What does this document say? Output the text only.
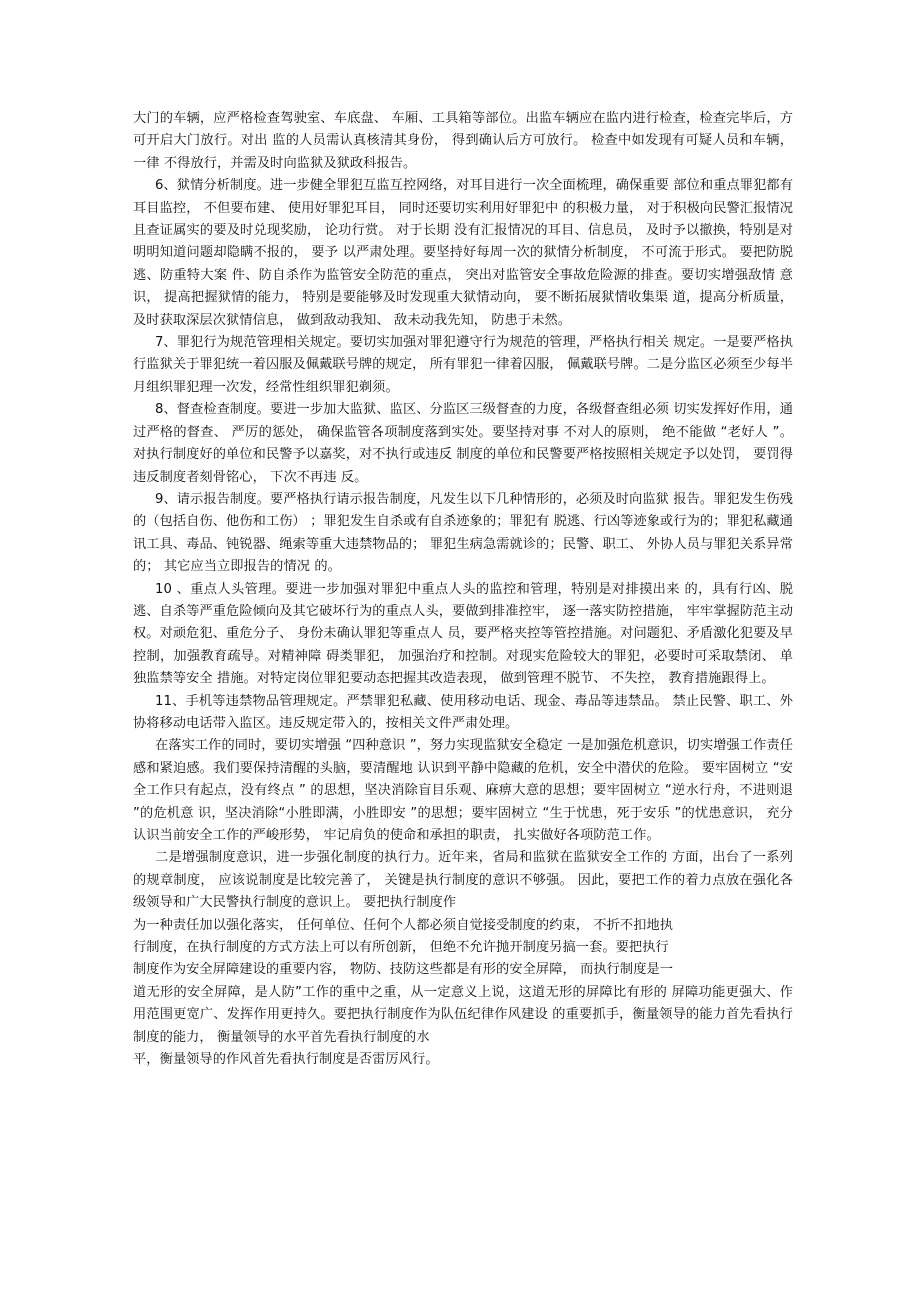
大门的车辆，应严格检查驾驶室、车底盘、 车厢、工具箱等部位。出监车辆应在监内进行检查，检查完毕后，方可开启大门放行。对出 监的人员需认真核清其身份， 得到确认后方可放行。 检查中如发现有可疑人员和车辆， 一律 不得放行，并需及时向监狱及狱政科报告。

6、狱情分析制度。进一步健全罪犯互监互控网络，对耳目进行一次全面梳理，确保重要 部位和重点罪犯都有耳目监控， 不但要布建、 使用好罪犯耳目， 同时还要切实利用好罪犯中 的积极力量， 对于积极向民警汇报情况且查证属实的要及时兑现奖励， 论功行赏。 对于长期 没有汇报情况的耳目、信息员， 及时予以撤换，特别是对明明知道问题却隐瞒不报的， 要予 以严肃处理。要坚持好每周一次的狱情分析制度， 不可流于形式。 要把防脱逃、防重特大案 件、防自杀作为监管安全防范的重点， 突出对监管安全事故危险源的排查。要切实增强敌情 意识， 提高把握狱情的能力， 特别是要能够及时发现重大狱情动向， 要不断拓展狱情收集渠 道，提高分析质量， 及时获取深层次狱情信息， 做到敌动我知、 敌未动我先知， 防患于未然。

7、罪犯行为规范管理相关规定。要切实加强对罪犯遵守行为规范的管理，严格执行相关 规定。一是要严格执行监狱关于罪犯统一着囚服及佩戴联号牌的规定， 所有罪犯一律着囚服， 佩戴联号牌。二是分监区必须至少每半月组织罪犯理一次发，经常性组织罪犯剃须。

8、督查检查制度。要进一步加大监狱、监区、分监区三级督查的力度，各级督查组必须 切实发挥好作用，通过严格的督查、 严厉的惩处， 确保监管各项制度落到实处。要坚持对事 不对人的原则， 绝不能做 “老好人 ”。对执行制度好的单位和民警予以嘉奖，对不执行或违反 制度的单位和民警要严格按照相关规定予以处罚， 要罚得违反制度者刻骨铭心， 下次不再违 反。

9、请示报告制度。要严格执行请示报告制度，凡发生以下几种情形的，必须及时向监狱 报告。罪犯发生伤残的（包括自伤、他伤和工伤） ；罪犯发生自杀或有自杀迹象的；罪犯有 脱逃、行凶等迹象或行为的；罪犯私藏通讯工具、毒品、钝锐器、绳索等重大违禁物品的； 罪犯生病急需就诊的；民警、职工、 外协人员与罪犯关系异常的； 其它应当立即报告的情况 的。

10 、重点人头管理。要进一步加强对罪犯中重点人头的监控和管理，特别是对排摸出来 的，具有行凶、脱逃、自杀等严重危险倾向及其它破坏行为的重点人头，要做到排准控牢， 逐一落实防控措施， 牢牢掌握防范主动权。对顽危犯、重危分子、 身份未确认罪犯等重点人 员，要严格夹控等管控措施。对问题犯、矛盾激化犯要及早控制，加强教育疏导。对精神障 碍类罪犯， 加强治疗和控制。对现实危险较大的罪犯，必要时可采取禁闭、 单独监禁等安全 措施。对特定岗位罪犯要动态把握其改造表现， 做到管理不脱节、 不失控， 教育措施跟得上。

11、手机等违禁物品管理规定。严禁罪犯私藏、使用移动电话、现金、毒品等违禁品。 禁止民警、职工、外协将移动电话带入监区。违反规定带入的，按相关文件严肃处理。

在落实工作的同时，要切实增强 “四种意识 ”，努力实现监狱安全稳定 一是加强危机意识，切实增强工作责任感和紧迫感。我们要保持清醒的头脑，要清醒地 认识到平静中隐藏的危机，安全中潜伏的危险。 要牢固树立 “安全工作只有起点，没有终点 ” 的思想，坚决消除盲目乐观、麻痹大意的思想；要牢固树立 “逆水行舟，不进则退 ”的危机意 识，坚决消除“小胜即满，小胜即安 ”的思想；要牢固树立 “生于忧患，死于安乐 ”的忧患意识， 充分认识当前安全工作的严峻形势， 牢记肩负的使命和承担的职责， 扎实做好各项防范工作。

二是增强制度意识，进一步强化制度的执行力。近年来，省局和监狱在监狱安全工作的 方面，出台了一系列的规章制度， 应该说制度是比较完善了， 关键是执行制度的意识不够强。 因此，要把工作的着力点放在强化各级领导和广大民警执行制度的意识上。 要把执行制度作

为一种责任加以强化落实， 任何单位、任何个人都必须自觉接受制度的约束， 不折不扣地执
行制度，在执行制度的方式方法上可以有所创新， 但绝不允许抛开制度另搞一套。要把执行
制度作为安全屏障建设的重要内容， 物防、技防这些都是有形的安全屏障， 而执行制度是一

道无形的安全屏障，是人防”工作的重中之重，从一定意义上说，这道无形的屏障比有形的 屏障功能更强大、作用范围更宽广、发挥作用更持久。要把执行制度作为队伍纪律作风建设 的重要抓手，衡量领导的能力首先看执行制度的能力， 衡量领导的水平首先看执行制度的水

平，衡量领导的作风首先看执行制度是否雷厉风行。
